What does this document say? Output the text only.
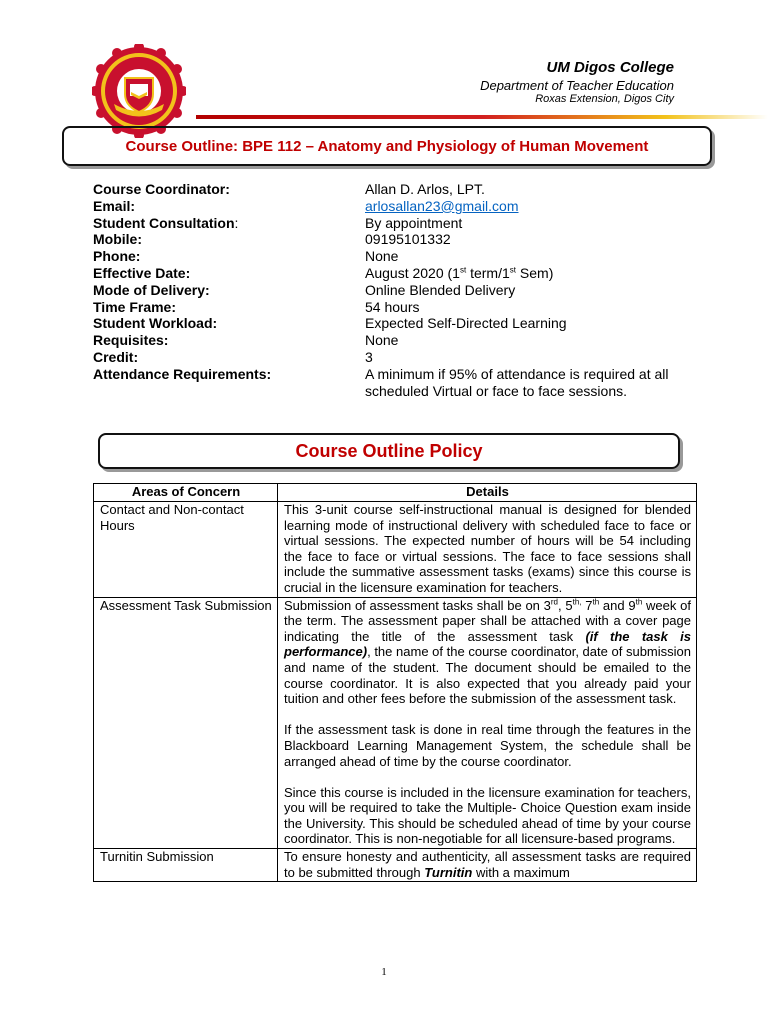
UM Digos College
Department of Teacher Education
Roxas Extension, Digos City
Course Outline: BPE 112 – Anatomy and Physiology of Human Movement
Course Coordinator:	Allan D. Arlos, LPT.
Email:	arlosallan23@gmail.com
Student Consultation:	By appointment
Mobile:	09195101332
Phone:	None
Effective Date:	August 2020 (1st term/1st Sem)
Mode of Delivery:	Online Blended Delivery
Time Frame:	54 hours
Student Workload:	Expected Self-Directed Learning
Requisites:	None
Credit:	3
Attendance Requirements:	A minimum if 95% of attendance is required at all scheduled Virtual or face to face sessions.
Course Outline Policy
Areas of Concern	Details
Contact and Non-contact Hours	This 3-unit course self-instructional manual is designed for blended learning mode of instructional delivery with scheduled face to face or virtual sessions. The expected number of hours will be 54 including the face to face or virtual sessions. The face to face sessions shall include the summative assessment tasks (exams) since this course is crucial in the licensure examination for teachers.
Assessment Task Submission	Submission of assessment tasks shall be on 3rd, $5^{th,}$ 7th and 9th week of the term. The assessment paper shall be attached with a cover page indicating the title of the assessment task (if the task is performance), the name of the course coordinator, date of submission and name of the student. The document should be emailed to the course coordinator. It is also expected that you already paid your tuition and other fees before the submission of the assessment task.
If the assessment task is done in real time through the features in the Blackboard Learning Management System, the schedule shall be arranged ahead of time by the course coordinator.
Since this course is included in the licensure examination for teachers, you will be required to take the Multiple- Choice Question exam inside the University. This should be scheduled ahead of time by your course coordinator. This is non-negotiable for all licensure-based programs.

Turnitin Submission	To ensure honesty and authenticity, all assessment tasks are required to be submitted through Turnitin with a maximum
1
